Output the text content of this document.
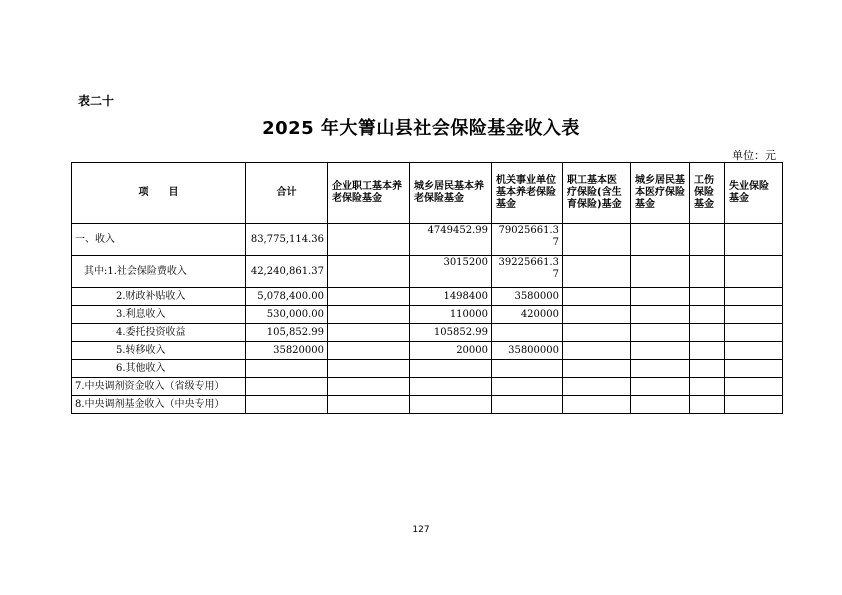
表二十
2025 年大箐山县社会保险基金收入表
单位：元
项　　目	合计	企业职工基本养老保险基金	城乡居民基本养老保险基金	机关事业单位基本养老保险基金	职工基本医疗保险(含生育保险)基金	城乡居民基本医疗保险基金	工伤保险基金	失业保险基金
一、收入	83,775,114.36		4749452.99	79025661.37				
其中:1.社会保险费收入	42,240,861.37		3015200	39225661.37				
2.财政补贴收入	5,078,400.00		1498400	3580000				
3.利息收入	530,000.00		110000	420000				
4.委托投资收益	105,852.99		105852.99					
5.转移收入	35820000		20000	35800000				
6.其他收入								
7.中央调剂资金收入（省级专用）								
8.中央调剂基金收入（中央专用）								
127
